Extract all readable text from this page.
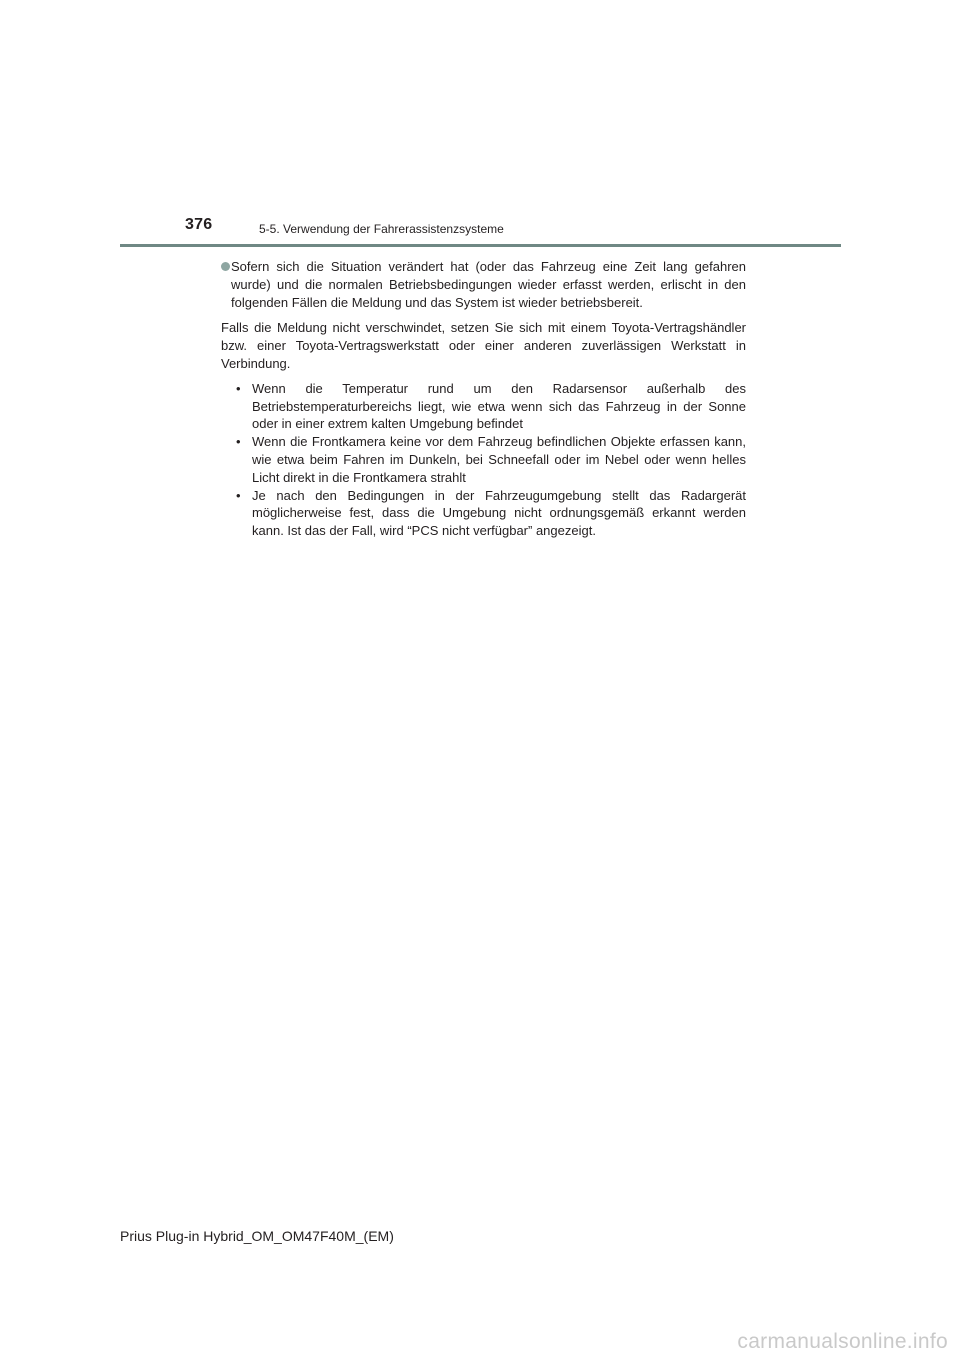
376	5-5. Verwendung der Fahrerassistenzsysteme

Sofern sich die Situation verändert hat (oder das Fahrzeug eine Zeit lang gefahren wurde) und die normalen Betriebsbedingungen wieder erfasst werden, erlischt in den folgenden Fällen die Meldung und das System ist wieder betriebsbereit.

Falls die Meldung nicht verschwindet, setzen Sie sich mit einem Toyota-Vertragshändler bzw. einer Toyota-Vertragswerkstatt oder einer anderen zuverlässigen Werkstatt in Verbindung.

• Wenn die Temperatur rund um den Radarsensor außerhalb des Betriebstemperaturbereichs liegt, wie etwa wenn sich das Fahrzeug in der Sonne oder in einer extrem kalten Umgebung befindet
• Wenn die Frontkamera keine vor dem Fahrzeug befindlichen Objekte erfassen kann, wie etwa beim Fahren im Dunkeln, bei Schneefall oder im Nebel oder wenn helles Licht direkt in die Frontkamera strahlt
• Je nach den Bedingungen in der Fahrzeugumgebung stellt das Radargerät möglicherweise fest, dass die Umgebung nicht ordnungsgemäß erkannt werden kann. Ist das der Fall, wird “PCS nicht verfügbar” angezeigt.
Prius Plug-in Hybrid_OM_OM47F40M_(EM)
carmanualsonline.info
